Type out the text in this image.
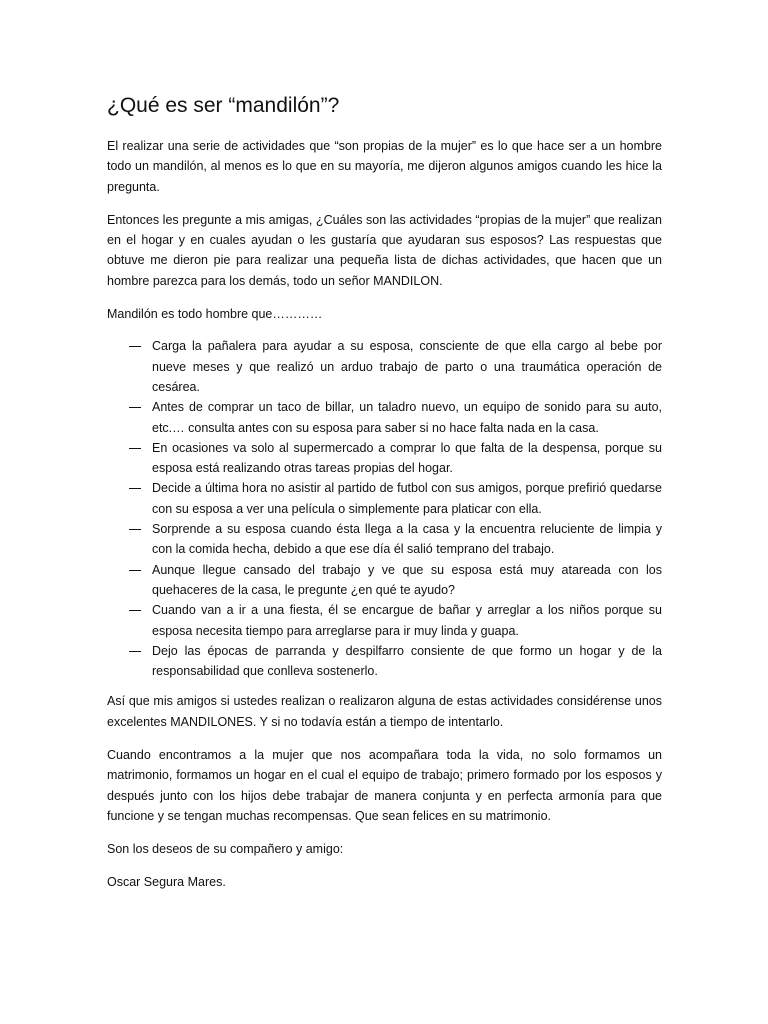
¿Qué es ser “mandilón”?

El realizar una serie de actividades que “son propias de la mujer” es lo que hace ser a un hombre todo un mandilón, al menos es lo que en su mayoría, me dijeron algunos amigos cuando les hice la pregunta.

Entonces les pregunte a mis amigas, ¿Cuáles son las actividades “propias de la mujer” que realizan en el hogar y en cuales ayudan o les gustaría que ayudaran sus esposos? Las respuestas que obtuve me dieron pie para realizar una pequeña lista de dichas actividades, que hacen que un hombre parezca para los demás, todo un señor MANDILON.

Mandilón es todo hombre que…………

Carga la pañalera para ayudar a su esposa, consciente de que ella cargo al bebe por nueve meses y que realizó un arduo trabajo de parto o una traumática operación de cesárea.
Antes de comprar un taco de billar, un taladro nuevo, un equipo de sonido para su auto, etc.… consulta antes con su esposa para saber si no hace falta nada en la casa.
En ocasiones va solo al supermercado a comprar lo que falta de la despensa, porque su esposa está realizando otras tareas propias del hogar.
Decide a última hora no asistir al partido de futbol con sus amigos, porque prefirió quedarse con su esposa a ver una película o simplemente para platicar con ella.
Sorprende a su esposa cuando ésta llega a la casa y la encuentra reluciente de limpia y con la comida hecha, debido a que ese día él salió temprano del trabajo.
Aunque llegue cansado del trabajo y ve que su esposa está muy atareada con los quehaceres de la casa, le pregunte ¿en qué te ayudo?
Cuando van a ir a una fiesta, él se encargue de bañar y arreglar a los niños porque su esposa necesita tiempo para arreglarse para ir muy linda y guapa.
Dejo las épocas de parranda y despilfarro consiente de que formo un hogar y de la responsabilidad que conlleva sostenerlo.

Así que mis amigos si ustedes realizan o realizaron alguna de estas actividades considérense unos excelentes MANDILONES. Y si no todavía están a tiempo de intentarlo.

Cuando encontramos a la mujer que nos acompañara toda la vida, no solo formamos un matrimonio, formamos un hogar en el cual el equipo de trabajo; primero formado por los esposos y después junto con los hijos debe trabajar de manera conjunta y en perfecta armonía para que funcione y se tengan muchas recompensas. Que sean felices en su matrimonio.

Son los deseos de su compañero y amigo:

Oscar Segura Mares.
